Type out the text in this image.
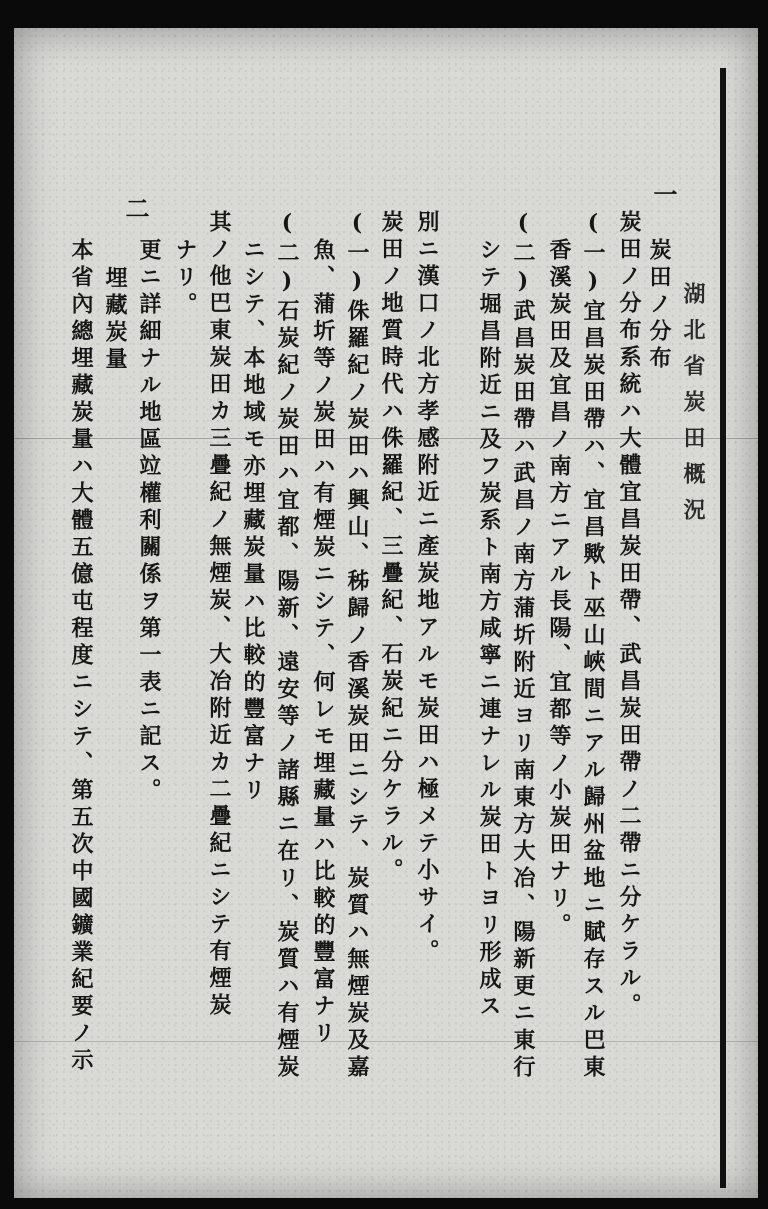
湖北省炭田概況
一
炭田ノ分布
炭田ノ分布系統ハ大體宜昌炭田帶、武昌炭田帶ノ二帶ニ分ケラル。
(一)宜昌炭田帶ハ、宜昌歟ト巫山峽間ニアル歸州盆地ニ賦存スル巴東
香溪炭田及宜昌ノ南方ニアル長陽、宜都等ノ小炭田ナリ。
(二)武昌炭田帶ハ武昌ノ南方蒲圻附近ヨリ南東方大冶、陽新更ニ東行
シテ堀昌附近ニ及フ炭系ト南方咸寧ニ連ナレル炭田トヨリ形成ス
別ニ漢口ノ北方孝感附近ニ產炭地アルモ炭田ハ極メテ小サイ。
炭田ノ地質時代ハ侏羅紀、三疊紀、石炭紀ニ分ケラル。
(一)侏羅紀ノ炭田ハ興山、秭歸ノ香溪炭田ニシテ、炭質ハ無煙炭及嘉
魚、蒲圻等ノ炭田ハ有煙炭ニシテ、何レモ埋藏量ハ比較的豐富ナリ
(二)石炭紀ノ炭田ハ宜都、陽新、遠安等ノ諸縣ニ在リ、炭質ハ有煙炭
ニシテ、本地域モ亦埋藏炭量ハ比較的豐富ナリ
其ノ他巴東炭田カ三疊紀ノ無煙炭、大冶附近カ二疊紀ニシテ有煙炭
ナリ。
更ニ詳細ナル地區竝權利關係ヲ第一表ニ記ス。
二
埋藏炭量
本省內總埋藏炭量ハ大體五億屯程度ニシテ、第五次中國鑛業紀要ノ示
